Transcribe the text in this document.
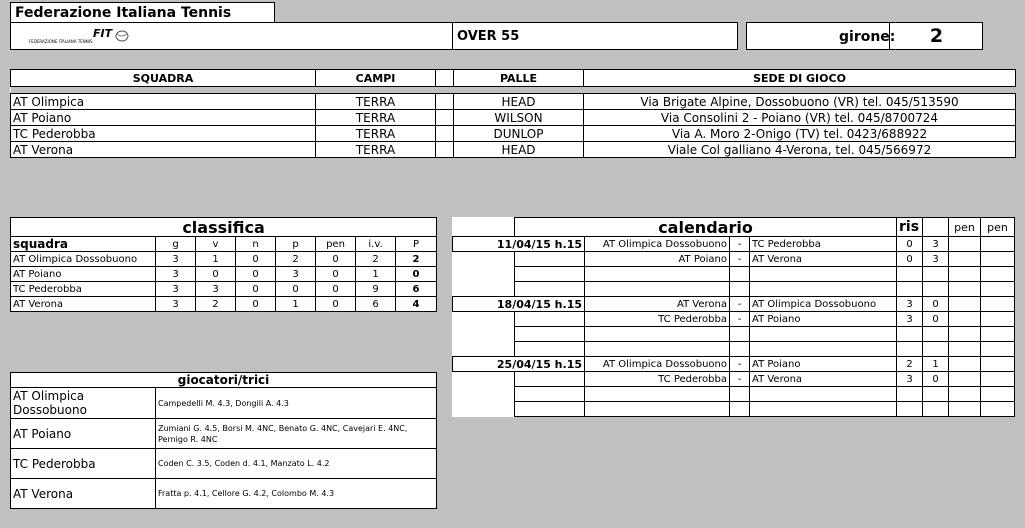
Federazione Italiana Tennis
FIT
FEDERAZIONE ITALIANA TENNIS	OVER 55	girone:	2
SQUADRA	CAMPI		PALLE	SEDE DI GIOCO

AT Olimpica	TERRA		HEAD	Via Brigate Alpine, Dossobuono (VR) tel. 045/513590
AT Poiano	TERRA		WILSON	Via Consolini 2 - Poiano (VR) tel. 045/8700724
TC Pederobba	TERRA		DUNLOP	Via A. Moro 2-Onigo (TV) tel. 0423/688922
AT Verona	TERRA		HEAD	Viale Col galliano 4-Verona, tel. 045/566972
classifica							
squadra	g	v	n	p	pen	i.v.	P
AT Olimpica Dossobuono	3	1	0	2	0	2	2
AT Poiano	3	0	0	3	0	1	0
TC Pederobba	3	3	0	0	0	9	6
AT Verona	3	2	0	1	0	6	4
	calendario				ris		pen	pen
11/04/15 h.15		AT Olimpica Dossobuono	-	TC Pederobba	0	3		
		AT Poiano	-	AT Verona	0	3		

18/04/15 h.15		AT Verona	-	AT Olimpica Dossobuono	3	0		
		TC Pederobba	-	AT Poiano	3	0		

25/04/15 h.15		AT Olimpica Dossobuono	-	AT Poiano	2	1		
		TC Pederobba	-	AT Verona	3	0		

giocatori/trici	
AT Olimpica Dossobuono	Campedelli M. 4.3, Dongili A. 4.3
AT Poiano	Zumiani G. 4.5, Borsi M. 4NC, Benato G. 4NC, Cavejari E. 4NC, Pernigo R. 4NC
TC Pederobba	Coden C. 3.5, Coden d. 4.1, Manzato L. 4.2
AT Verona	Fratta p. 4.1, Cellore G. 4.2, Colombo M. 4.3
